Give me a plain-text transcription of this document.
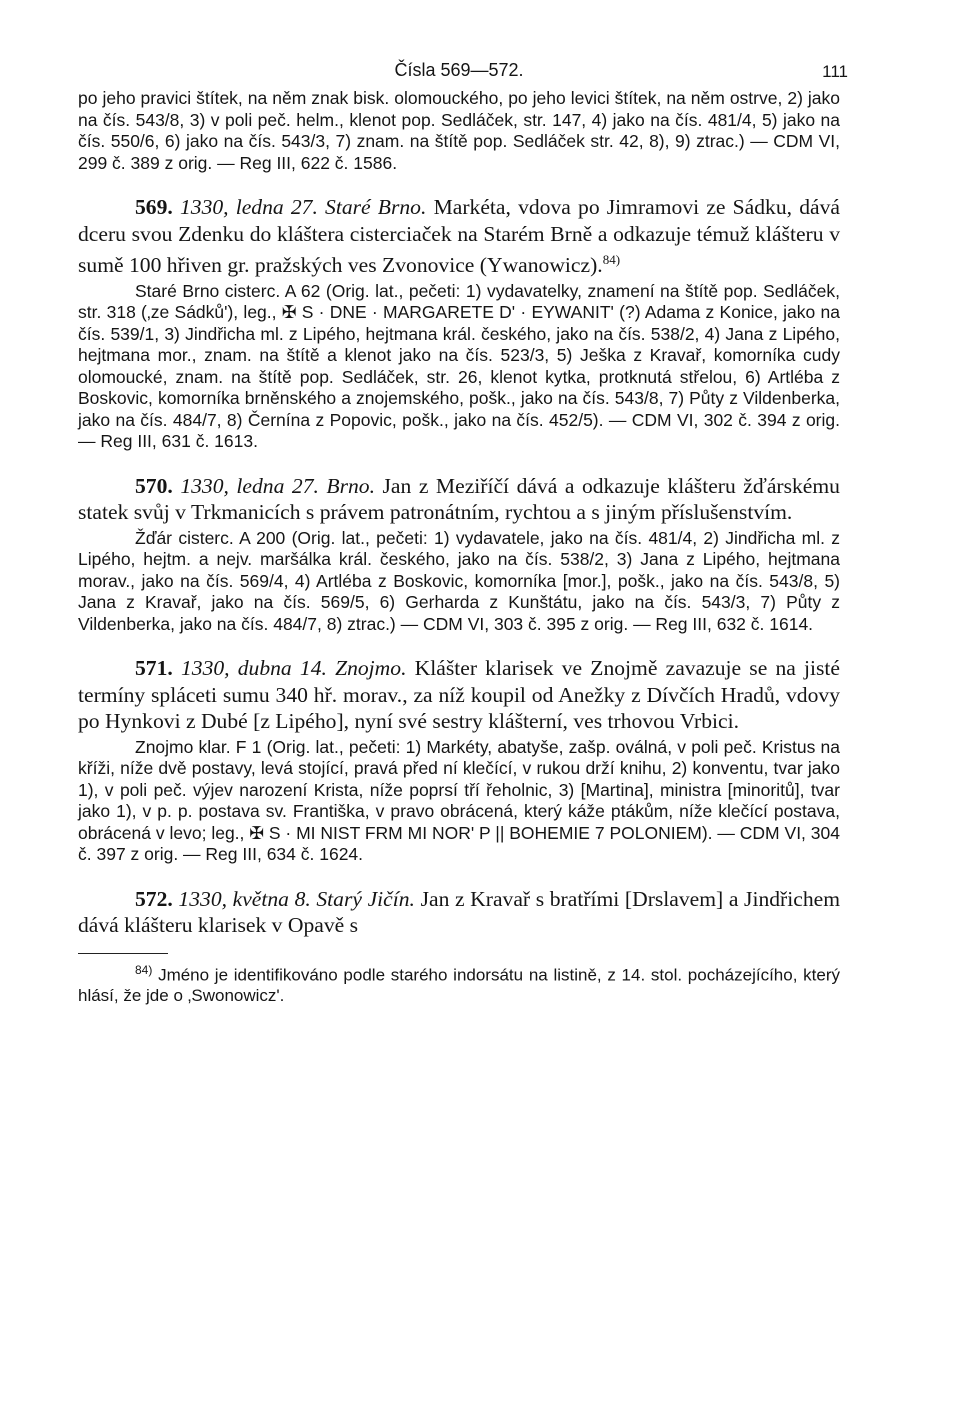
Čísla 569—572.	111

po jeho pravici štítek, na něm znak bisk. olomouckého, po jeho levici štítek, na něm ostrve, 2) jako na čís. 543/8, 3) v poli peč. helm., klenot pop. Sedláček, str. 147, 4) jako na čís. 481/4, 5) jako na čís. 550/6, 6) jako na čís. 543/3, 7) znam. na štítě pop. Sedláček str. 42, 8), 9) ztrac.) — CDM VI, 299 č. 389 z orig. — Reg III, 622 č. 1586.

569. 1330, ledna 27. Staré Brno. Markéta, vdova po Jimramovi ze Sádku, dává dceru svou Zdenku do kláštera cisterciaček na Starém Brně a odkazuje témuž klášteru v sumě 100 hřiven gr. pražských ves Zvonovice (Ywanowicz).$^{84)}$

Staré Brno cisterc. A 62 (Orig. lat., pečeti: 1) vydavatelky, znamení na štítě pop. Sedláček, str. 318 (‚ze Sádků'), leg., ✠ S · DNE · MARGARETE D' · EYWANIT' (?) Adama z Konice, jako na čís. 539/1, 3) Jindřicha ml. z Lipého, hejtmana král. českého, jako na čís. 538/2, 4) Jana z Lipého, hejtmana mor., znam. na štítě a klenot jako na čís. 523/3, 5) Ješka z Kravař, komorníka cudy olomoucké, znam. na štítě pop. Sedláček, str. 26, klenot kytka, protknutá střelou, 6) Artléba z Boskovic, komorníka brněnského a znojemského, pošk., jako na čís. 543/8, 7) Půty z Vildenberka, jako na čís. 484/7, 8) Černína z Popovic, pošk., jako na čís. 452/5). — CDM VI, 302 č. 394 z orig. — Reg III, 631 č. 1613.

570. 1330, ledna 27. Brno. Jan z Meziříčí dává a odkazuje klášteru žďárskému statek svůj v Trkmanicích s právem patronátním, rychtou a s jiným příslušenstvím.

Žďár cisterc. A 200 (Orig. lat., pečeti: 1) vydavatele, jako na čís. 481/4, 2) Jindřicha ml. z Lipého, hejtm. a nejv. maršálka král. českého, jako na čís. 538/2, 3) Jana z Lipého, hejtmana morav., jako na čís. 569/4, 4) Artléba z Boskovic, komorníka [mor.], pošk., jako na čís. 543/8, 5) Jana z Kravař, jako na čís. 569/5, 6) Gerharda z Kunštátu, jako na čís. 543/3, 7) Půty z Vildenberka, jako na čís. 484/7, 8) ztrac.) — CDM VI, 303 č. 395 z orig. — Reg III, 632 č. 1614.

571. 1330, dubna 14. Znojmo. Klášter klarisek ve Znojmě zavazuje se na jisté termíny spláceti sumu 340 hř. morav., za níž koupil od Anežky z Dívčích Hradů, vdovy po Hynkovi z Dubé [z Lipého], nyní své sestry klášterní, ves trhovou Vrbici.

Znojmo klar. F 1 (Orig. lat., pečeti: 1) Markéty, abatyše, zašp. oválná, v poli peč. Kristus na kříži, níže dvě postavy, levá stojící, pravá před ní klečící, v rukou drží knihu, 2) konventu, tvar jako 1), v poli peč. výjev narození Krista, níže poprsí tří řeholnic, 3) [Martina], ministra [minoritů], tvar jako 1), v p. p. postava sv. Františka, v pravo obrácená, který káže ptákům, níže klečící postava, obrácená v levo; leg., ✠ S · MI NIST FRM MI NOR' P || BOHEMIE 7 POLONIEM). — CDM VI, 304 č. 397 z orig. — Reg III, 634 č. 1624.

572. 1330, května 8. Starý Jičín. Jan z Kravař s bratřími [Drslavem] a Jindřichem dává klášteru klarisek v Opavě s

$^{84)}$ Jméno je identifikováno podle starého indorsátu na listině, z 14. stol. pocházejícího, který hlásí, že jde o ‚Swonowicz'.
